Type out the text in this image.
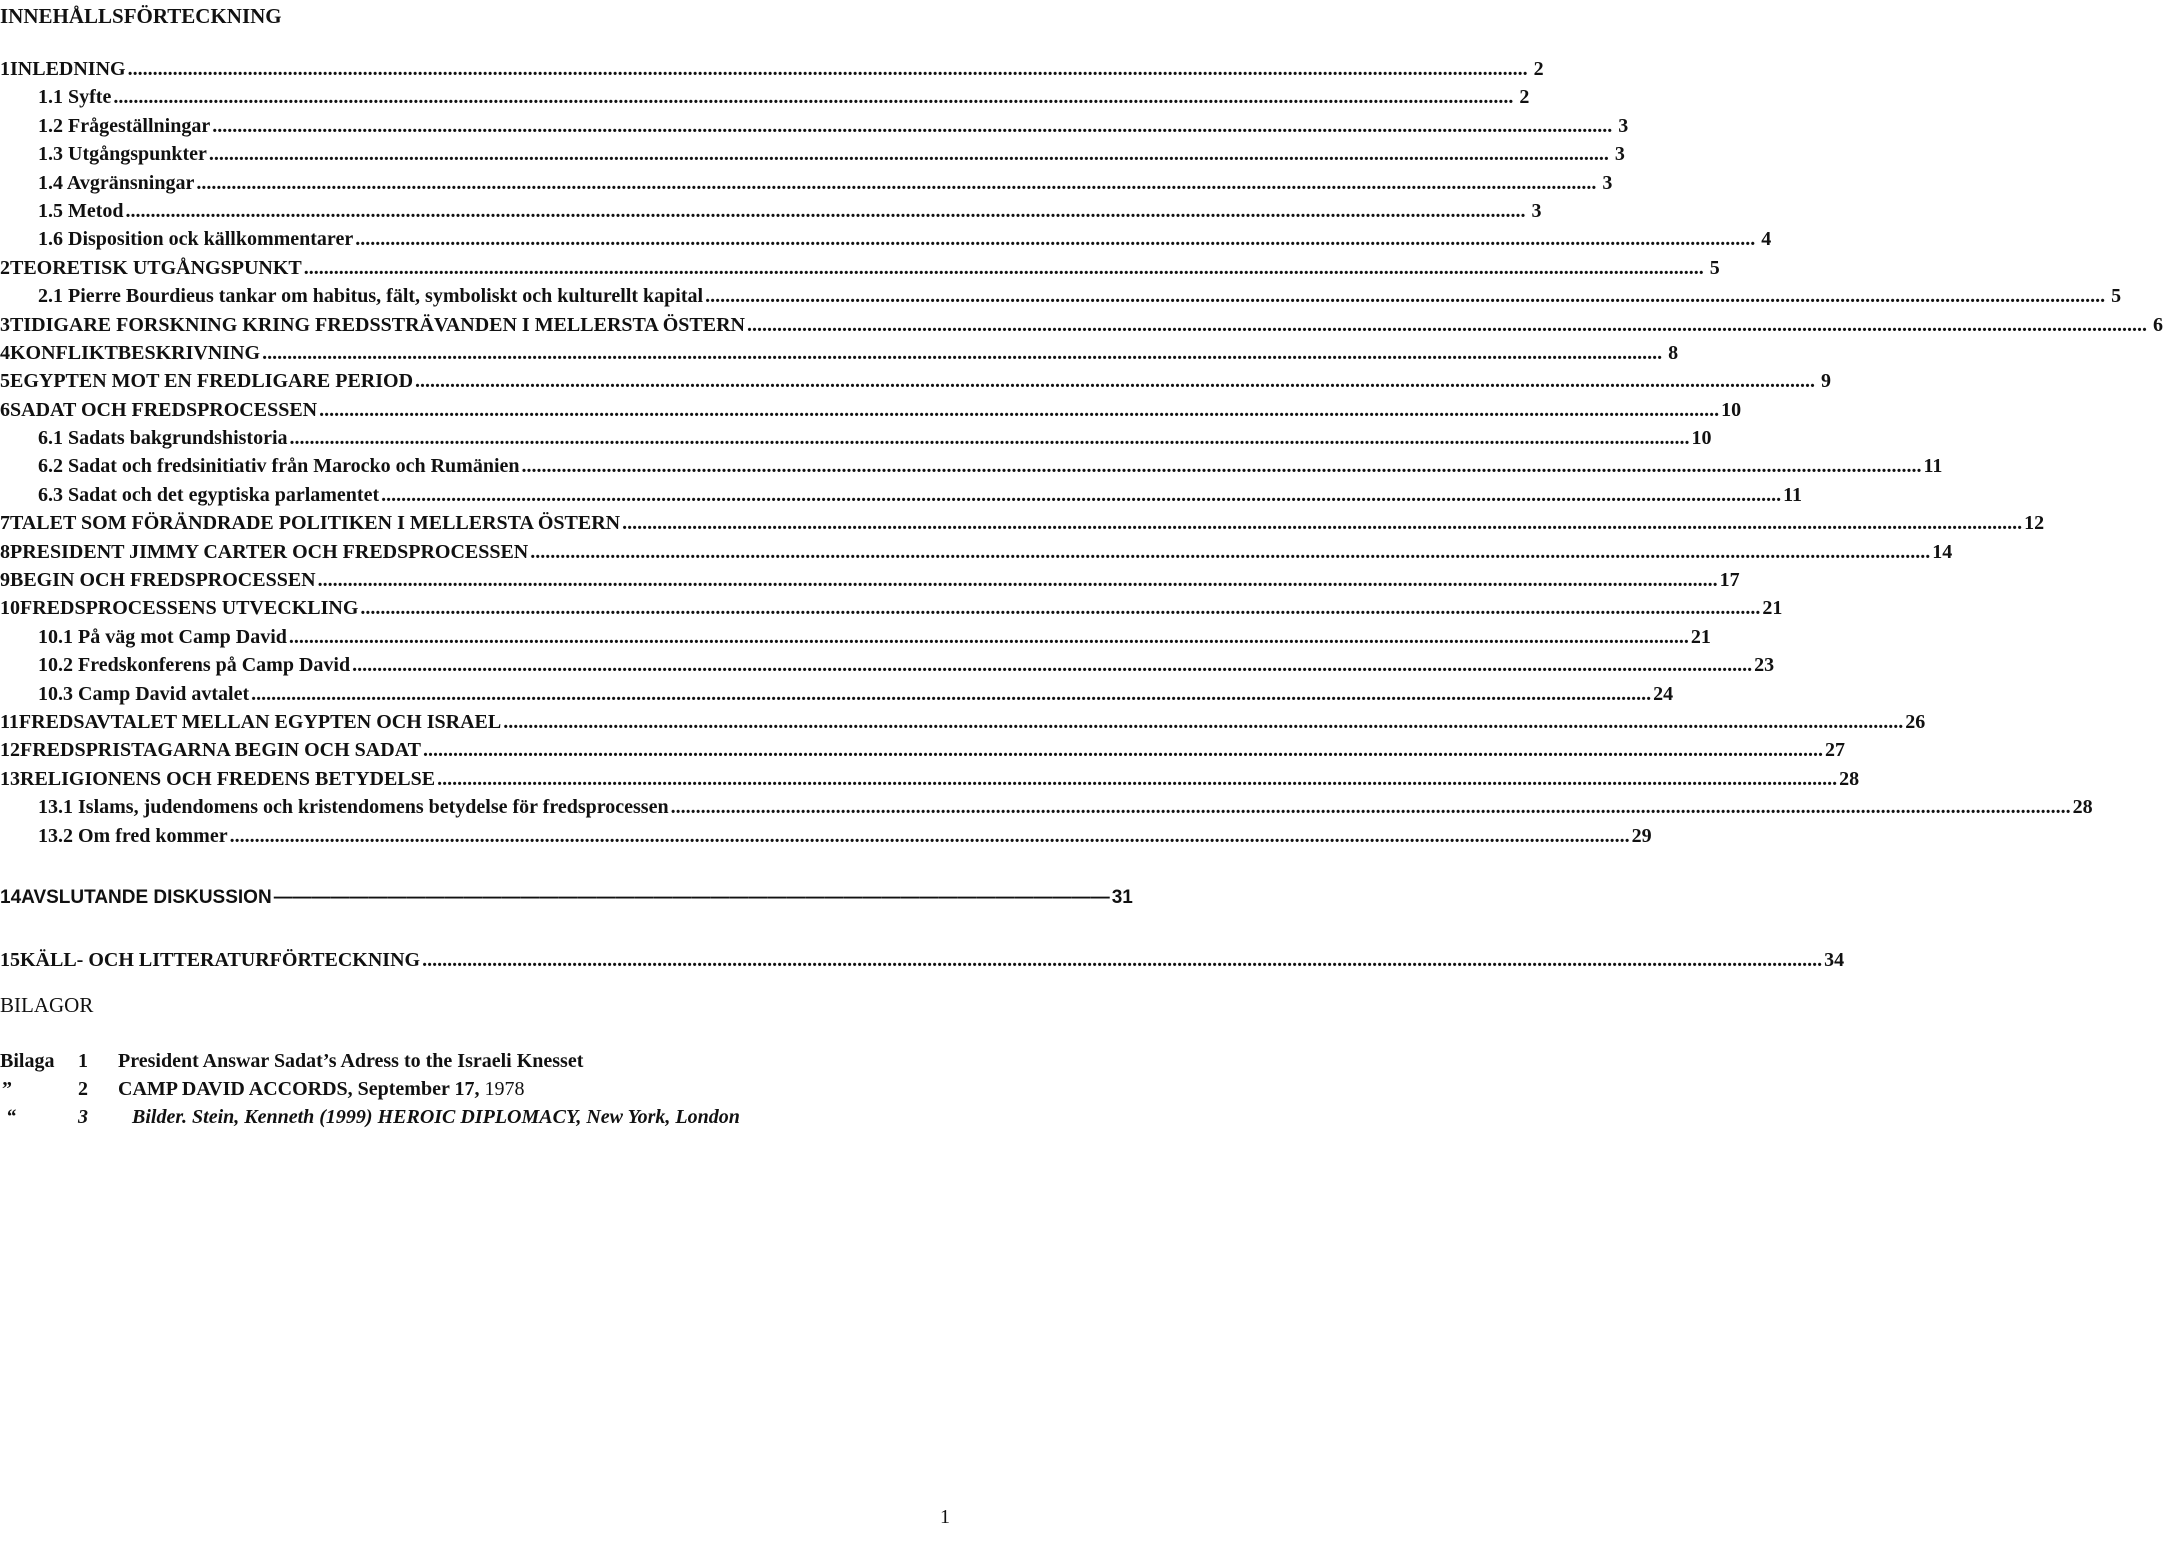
INNEHÅLLSFÖRTECKNING
1 INLEDNING .....	2
1.1 Syfte .....	2
1.2 Frågeställningar .....	3
1.3 Utgångspunkter .....	3
1.4 Avgränsningar .....	3
1.5 Metod .....	3
1.6 Disposition ock källkommentarer .....	4
2 TEORETISK UTGÅNGSPUNKT .....	5
2.1 Pierre Bourdieus tankar om habitus, fält, symboliskt och kulturellt kapital .....	5
3 TIDIGARE FORSKNING KRING FREDSSTRÄVANDEN I MELLERSTA ÖSTERN .....	6
4 KONFLIKTBESKRIVNING .....	8
5 EGYPTEN MOT EN FREDLIGARE PERIOD .....	9
6 SADAT OCH FREDSPROCESSEN .....	10
6.1 Sadats bakgrundshistoria .....	10
6.2 Sadat och fredsinitiativ från Marocko och Rumänien .....	11
6.3 Sadat och det egyptiska parlamentet .....	11
7 TALET SOM FÖRÄNDRADE POLITIKEN I MELLERSTA ÖSTERN .....	12
8 PRESIDENT JIMMY CARTER OCH FREDSPROCESSEN .....	14
9 BEGIN OCH FREDSPROCESSEN .....	17
10 FREDSPROCESSENS UTVECKLING .....	21
10.1 På väg mot Camp David .....	21
10.2 Fredskonferens på Camp David .....	23
10.3 Camp David avtalet .....	24
11 FREDSAVTALET MELLAN EGYPTEN OCH ISRAEL .....	26
12 FREDSPRISTAGARNA BEGIN OCH SADAT .....	27
13 RELIGIONENS OCH FREDENS BETYDELSE .....	28
13.1 Islams, judendomens och kristendomens betydelse för fredsprocessen .....	28
13.2 Om fred kommer .....	29
14 AVSLUTANDE DISKUSSION —————	31
15 KÄLL- OCH LITTERATURFÖRTECKNING .....	34
BILAGOR
Bilaga 1 President Answar Sadat’s Adress to the Israeli Knesset
”	2 CAMP DAVID ACCORDS, September 17, 1978
“	3 Bilder. Stein, Kenneth (1999) HEROIC DIPLOMACY, New York, London
1
